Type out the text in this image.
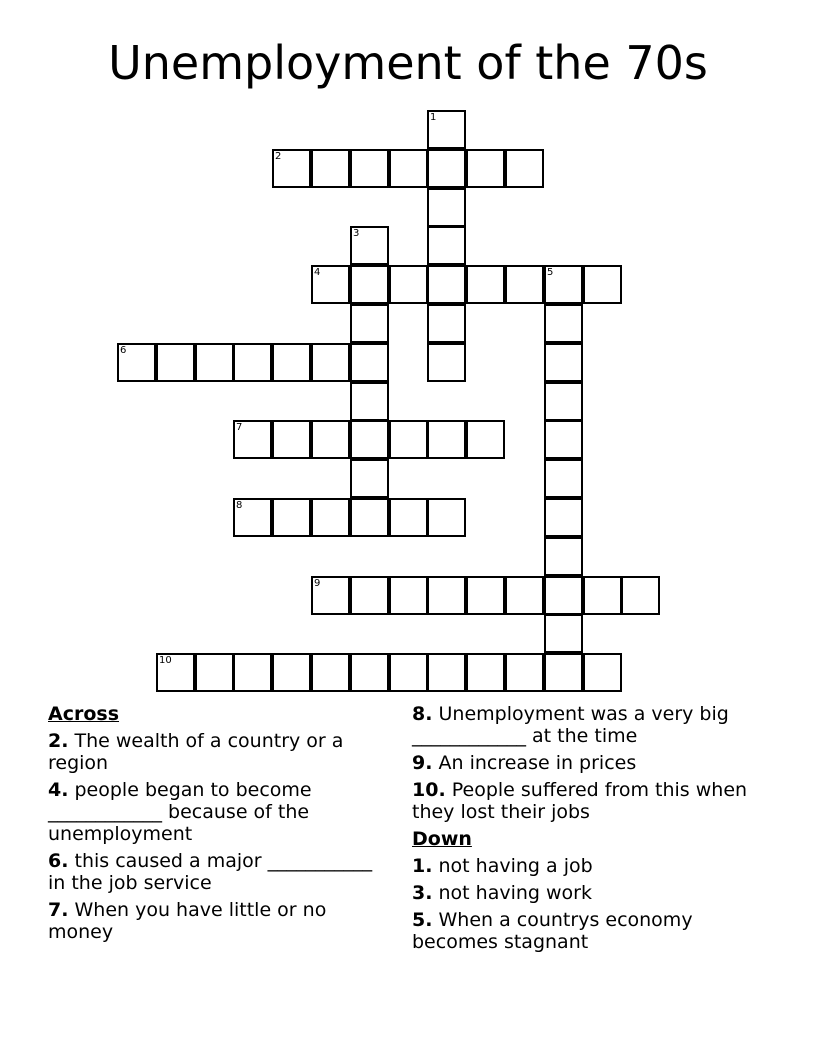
Unemployment of the 70s
1
2
3
4	5
6
7
8
9
10
Across
2. The wealth of a country or a region
4. people began to become ____________ because of the unemployment
6. this caused a major ___________ in the job service
7. When you have little or no money
8. Unemployment was a very big ____________ at the time
9. An increase in prices
10. People suffered from this when they lost their jobs
Down
1. not having a job
3. not having work
5. When a countrys economy becomes stagnant
